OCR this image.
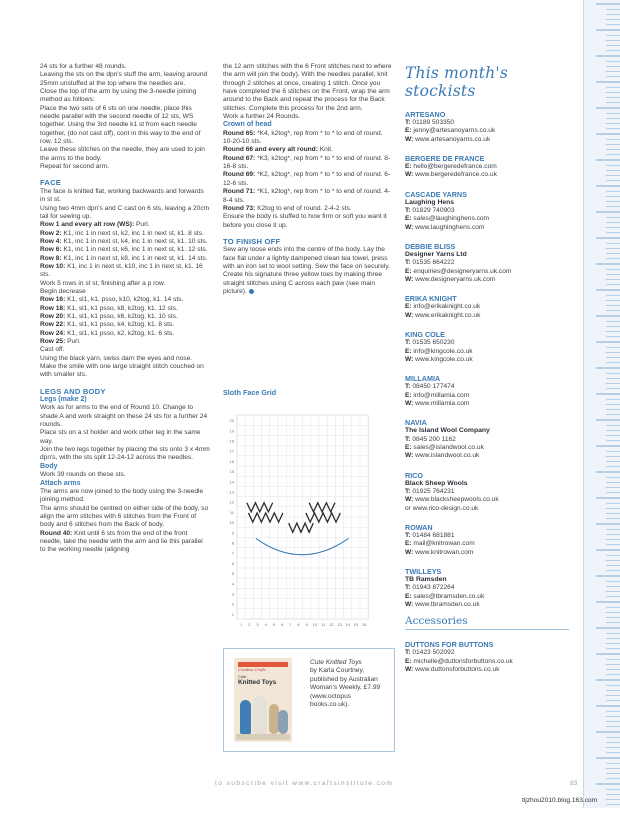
24 sts for a further 48 rounds.

Leaving the sts on the dpn's stuff the arm, leaving around 25mm unstuffed at the top where the needles are.

Close the top of the arm by using the 3-needle joining method as follows:

Place the two sets of 6 sts on one needle, place this needle parallel with the second needle of 12 sts, WS together. Using the 3rd needle k1 st from each needle together, (do not cast off), cont in this way to the end of row. 12 sts.

Leave these stitches on the needle, they are used to join the arms to the body.

Repeat for second arm.

FACE

The face is knitted flat, working backwards and forwards in st st.

Using two 4mm dpn's and C cast on 6 sts, leaving a 20cm tail for sewing up.

Row 1 and every alt row (WS): Purl.

Row 2: K1, inc 1 in next st, k2, inc 1 in next st, k1. 8 sts.

Row 4: K1, inc 1 in next st, k4, inc 1 in next st, k1. 10 sts.

Row 6: K1, inc 1 in next st, k6, inc 1 in next st, k1. 12 sts.

Row 8: K1, inc 1 in next st, k8, inc 1 in next st, k1. 14 sts.

Row 10: K1, inc 1 in next st, k10, inc 1 in next st, k1. 16 sts.

Work 5 rows in st st, finishing after a p row.

Begin decrease

Row 16: K1, sl1, k1, psso, k10, k2tog, k1. 14 sts.

Row 18: K1, sl1, k1 psso, k8, k2tog, k1. 12 sts.

Row 20: K1, sl1, k1 psso, k6, k2tog, k1. 10 sts.

Row 22: K1, sl1, k1 psso, k4, k2tog, k1. 8 sts.

Row 24: K1, sl1, k1 psso, k2, k2tog, k1. 6 sts.

Row 25: Purl.

Cast off.

Using the black yarn, swiss darn the eyes and nose. Make the smile with one large straight stitch couched on with smaller sts.

LEGS AND BODY
Legs (make 2)

Work as for arms to the end of Round 10. Change to shade A and work straight on these 24 sts for a further 24 rounds.

Place sts on a st holder and work other leg in the same way.

Join the two legs together by placing the sts onto 3 x 4mm dpn's, with the sts split 12-24-12 across the needles.

Body

Work 39 rounds on these sts.

Attach arms

The arms are now joined to the body using the 3-needle joining method.
The arms should be centred on either side of the body, so align the arm stitches with 6 stitches from the Front of body and 6 stitches from the Back of body.

Round 40: Knit until 6 sts from the end of the front needle, take the needle with the arm and lie this parallel to the working needle (aligning

the 12 arm stitches with the 6 Front stitches next to where the arm will join the body). With the needles parallel, knit through 2 stitches at once, creating 1 stitch. Once you have completed the 6 stitches on the Front, wrap the arm around to the Back and repeat the process for the Back stitches. Complete this process for the 2nd arm.
Work a further 24 Rounds.

Crown of head

Round 65: *K4, k2tog*, rep from * to * to end of round. 10-20-10 sts.

Round 66 and every alt round: Knit.

Round 67: *K3, k2tog*, rep from * to * to end of round. 8-16-8 sts.

Round 69: *K2, k2tog*, rep from * to * to end of round. 6-12-6 sts.

Round 71: *K1, k2tog*, rep from * to * to end of round. 4-8-4 sts.

Round 73: K2tog to end of round. 2-4-2 sts.

Ensure the body is stuffed to how firm or soft you want it before you close it up.

TO FINISH OFF

Sew any loose ends into the centre of the body. Lay the face flat under a lightly dampened clean tea towel, press with an iron set to wool setting. Sew the face on securely.
Create his signature three yellow toes by making three straight stitches using C across each paw (see main picture).

Sloth Face Grid
20
19
18
17
16
15
14
13
12
11
10
9
8
7
6
5
4
3
2
1
1 2 3 4 5 6 7 8 9 10 11 12 13 14 15 16
Creative Crafts
Cute
Knitted Toys
Cute Knitted Toys
by Karla Courtney, published by Australian Woman's Weekly, £7.99 (www.octopus books.co.uk).
This month's stockists
ARTESANO
T: 01189 503350
E: jenny@artesanoyarns.co.uk
W: www.artesanoyarns.co.uk
BERGERE DE FRANCE
E: hello@bergeredefrance.com
W: www.bergeredefrance.co.uk
CASCADE YARNS
Laughing Hens
T: 01829 740903
E: sales@laughinghens.com
W: www.laughinghens.com
DEBBIE BLISS
Designer Yarns Ltd
T: 01535 664222
E: enquiries@designeryarns.uk.com
W: www.designeryarns.uk.com
ERIKA KNIGHT
E: info@erikaknight.co.uk
W: www.erikaknight.co.uk
KING COLE
T: 01535 650230
E: info@kingcole.co.uk
W: www.kingcole.co.uk
MILLAMIA
T: 08450 177474
E: info@millamia.com
W: www.millamia.com
NAVIA
The Island Wool Company
T: 0845 200 1162
E: sales@islandwool.co.uk
W: www.islandwool.co.uk
RICO
Black Sheep Wools
T: 01925 764231
W: www.blacksheepwools.co.uk
or www.rico-design.co.uk
ROWAN
T: 01484 681881
E: mail@knitrowan.com
W: www.knitrowan.com
TWILLEYS
TB Ramsden
T: 01943 872264
E: sales@tbramsden.co.uk
W: www.tbramsden.co.uk
Accessories
DUTTONS FOR BUTTONS
T: 01423 502092
E: michelle@duttonsforbuttons.co.uk
W: www.duttonsforbuttons.co.uk
to subscribe visit www.craftsinstitute.com	83
tljzhou2010.blog.163.com
